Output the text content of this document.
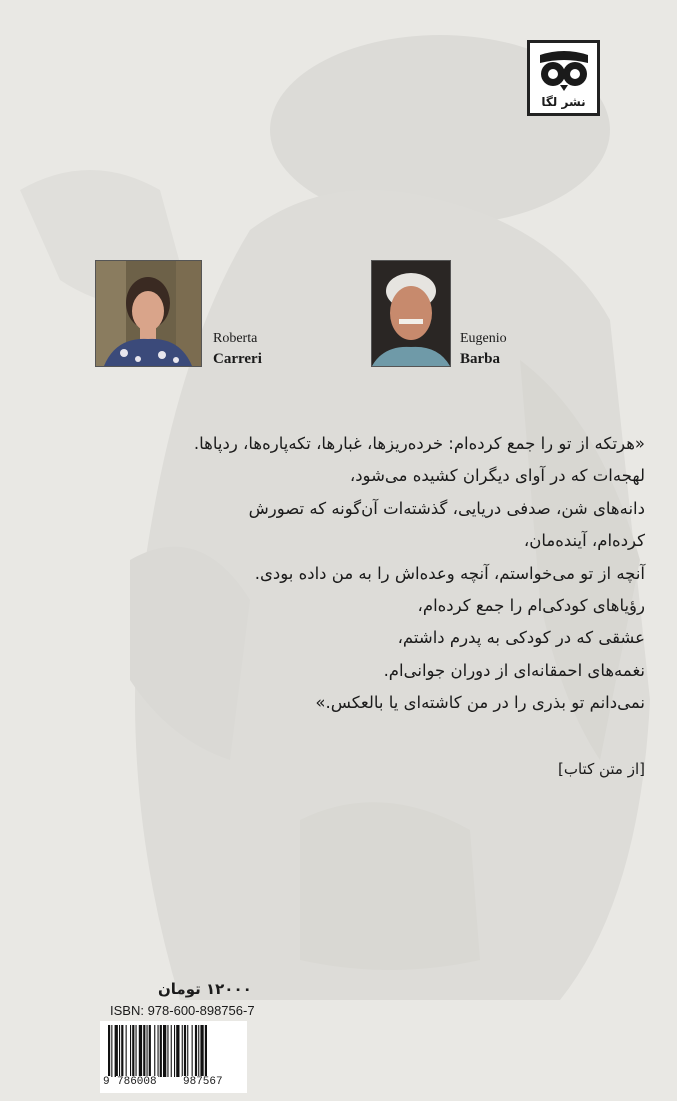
نشر لگا
Roberta
Carreri
Eugenio
Barba
«هرتکه از تو را جمع کرده‌ام: خرده‌ریزها، غبارها، تکه‌پاره‌ها، ردپاها.
لهجه‌ات که در آوای دیگران کشیده می‌شود،
دانه‌های شن، صدفی دریایی، گذشته‌ات آن‌گونه که تصورش
کرده‌ام، آینده‌مان،
آنچه از تو می‌خواستم، آنچه وعده‌اش را به من داده بودی.
رؤیاهای کودکی‌ام را جمع کرده‌ام،
عشقی که در کودکی به پدرم داشتم،
نغمه‌های احمقانه‌ای از دوران جوانی‌ام.
نمی‌دانم تو بذری را در من کاشته‌ای یا بالعکس.»
[از متن کتاب]
۱۲۰۰۰ تومان
ISBN: 978-600-898756-7
9 786008 987567
